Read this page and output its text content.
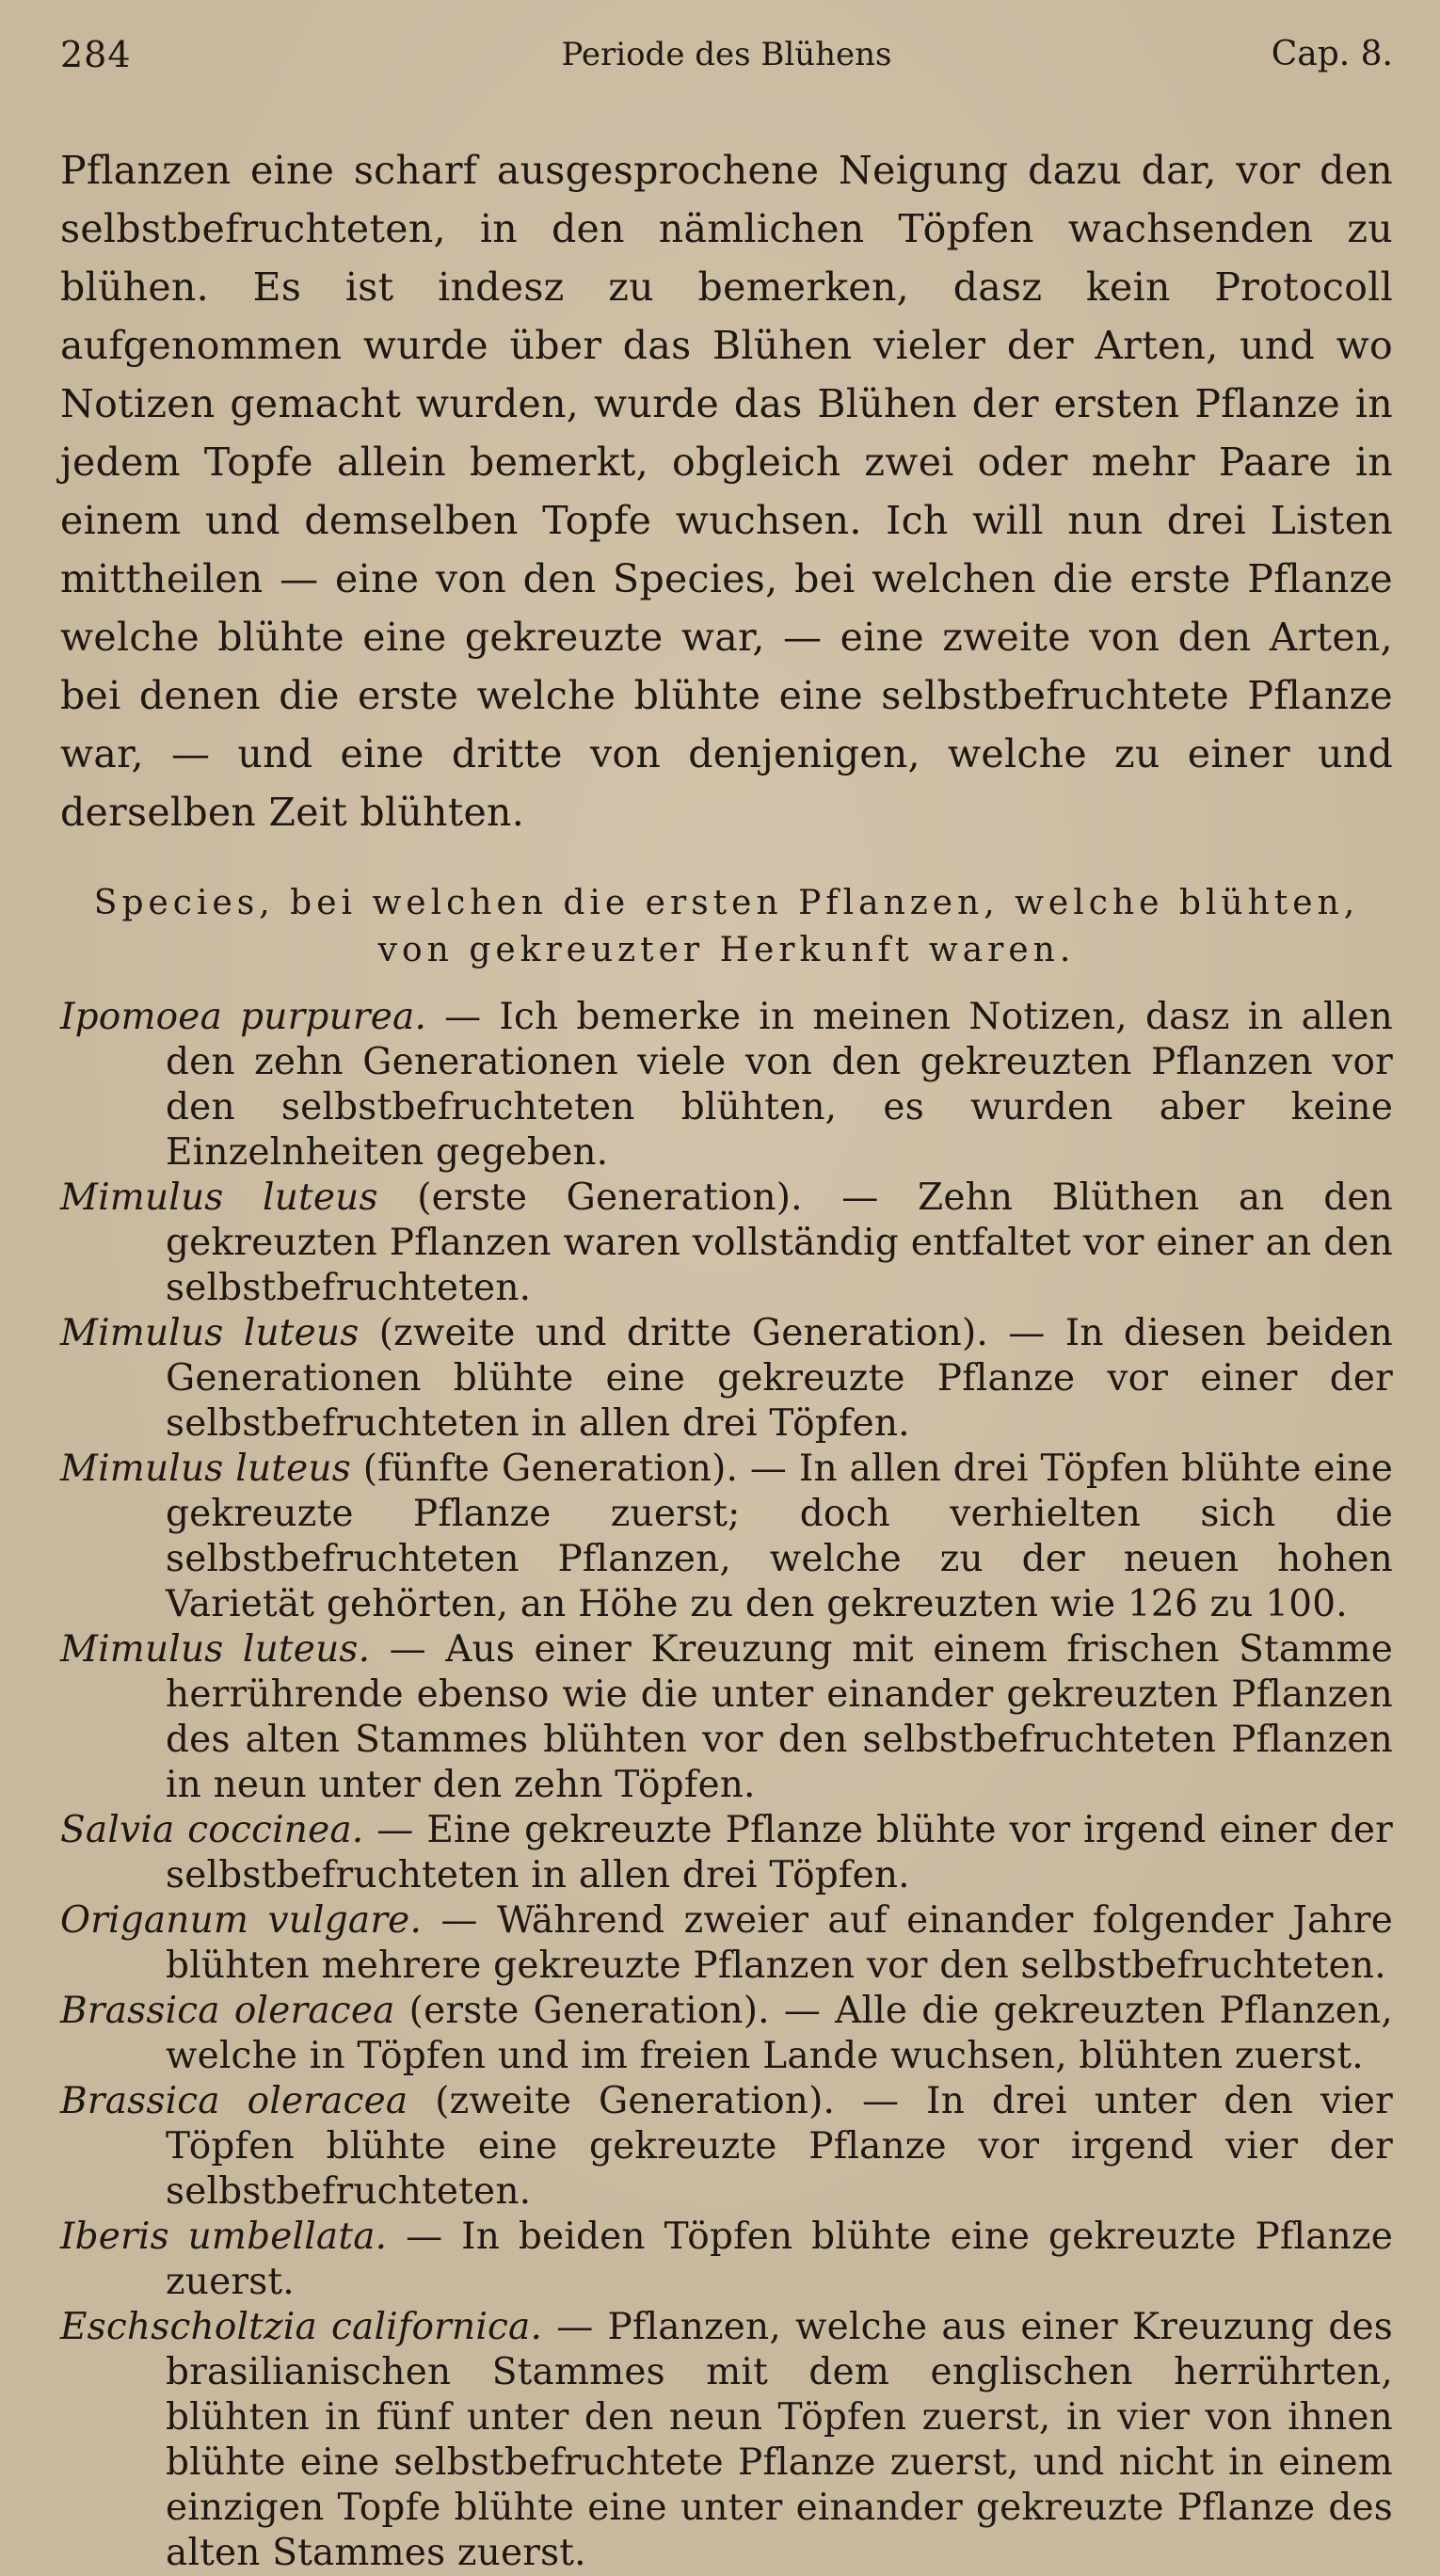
284	Periode des Blühens	Cap. 8.

Pflanzen eine scharf ausgesprochene Neigung dazu dar, vor den selbstbefruchteten, in den nämlichen Töpfen wachsenden zu blühen. Es ist indesz zu bemerken, dasz kein Protocoll aufgenommen wurde über das Blühen vieler der Arten, und wo Notizen gemacht wurden, wurde das Blühen der ersten Pflanze in jedem Topfe allein bemerkt, obgleich zwei oder mehr Paare in einem und demselben Topfe wuchsen. Ich will nun drei Listen mittheilen — eine von den Species, bei welchen die erste Pflanze welche blühte eine gekreuzte war, — eine zweite von den Arten, bei denen die erste welche blühte eine selbstbefruchtete Pflanze war, — und eine dritte von denjenigen, welche zu einer und derselben Zeit blühten.

Species, bei welchen die ersten Pflanzen, welche blühten,
von gekreuzter Herkunft waren.

Ipomoea purpurea. — Ich bemerke in meinen Notizen, dasz in allen den zehn Generationen viele von den gekreuzten Pflanzen vor den selbstbefruchteten blühten, es wurden aber keine Einzelnheiten gegeben.

Mimulus luteus (erste Generation). — Zehn Blüthen an den gekreuzten Pflanzen waren vollständig entfaltet vor einer an den selbstbefruchteten.

Mimulus luteus (zweite und dritte Generation). — In diesen beiden Generationen blühte eine gekreuzte Pflanze vor einer der selbstbefruchteten in allen drei Töpfen.

Mimulus luteus (fünfte Generation). — In allen drei Töpfen blühte eine gekreuzte Pflanze zuerst; doch verhielten sich die selbstbefruchteten Pflanzen, welche zu der neuen hohen Varietät gehörten, an Höhe zu den gekreuzten wie 126 zu 100.

Mimulus luteus. — Aus einer Kreuzung mit einem frischen Stamme herrührende ebenso wie die unter einander gekreuzten Pflanzen des alten Stammes blühten vor den selbstbefruchteten Pflanzen in neun unter den zehn Töpfen.

Salvia coccinea. — Eine gekreuzte Pflanze blühte vor irgend einer der selbstbefruchteten in allen drei Töpfen.

Origanum vulgare. — Während zweier auf einander folgender Jahre blühten mehrere gekreuzte Pflanzen vor den selbstbefruchteten.

Brassica oleracea (erste Generation). — Alle die gekreuzten Pflanzen, welche in Töpfen und im freien Lande wuchsen, blühten zuerst.

Brassica oleracea (zweite Generation). — In drei unter den vier Töpfen blühte eine gekreuzte Pflanze vor irgend vier der selbstbefruchteten.

Iberis umbellata. — In beiden Töpfen blühte eine gekreuzte Pflanze zuerst.

Eschscholtzia californica. — Pflanzen, welche aus einer Kreuzung des brasilianischen Stammes mit dem englischen herrührten, blühten in fünf unter den neun Töpfen zuerst, in vier von ihnen blühte eine selbstbefruchtete Pflanze zuerst, und nicht in einem einzigen Topfe blühte eine unter einander gekreuzte Pflanze des alten Stammes zuerst.
